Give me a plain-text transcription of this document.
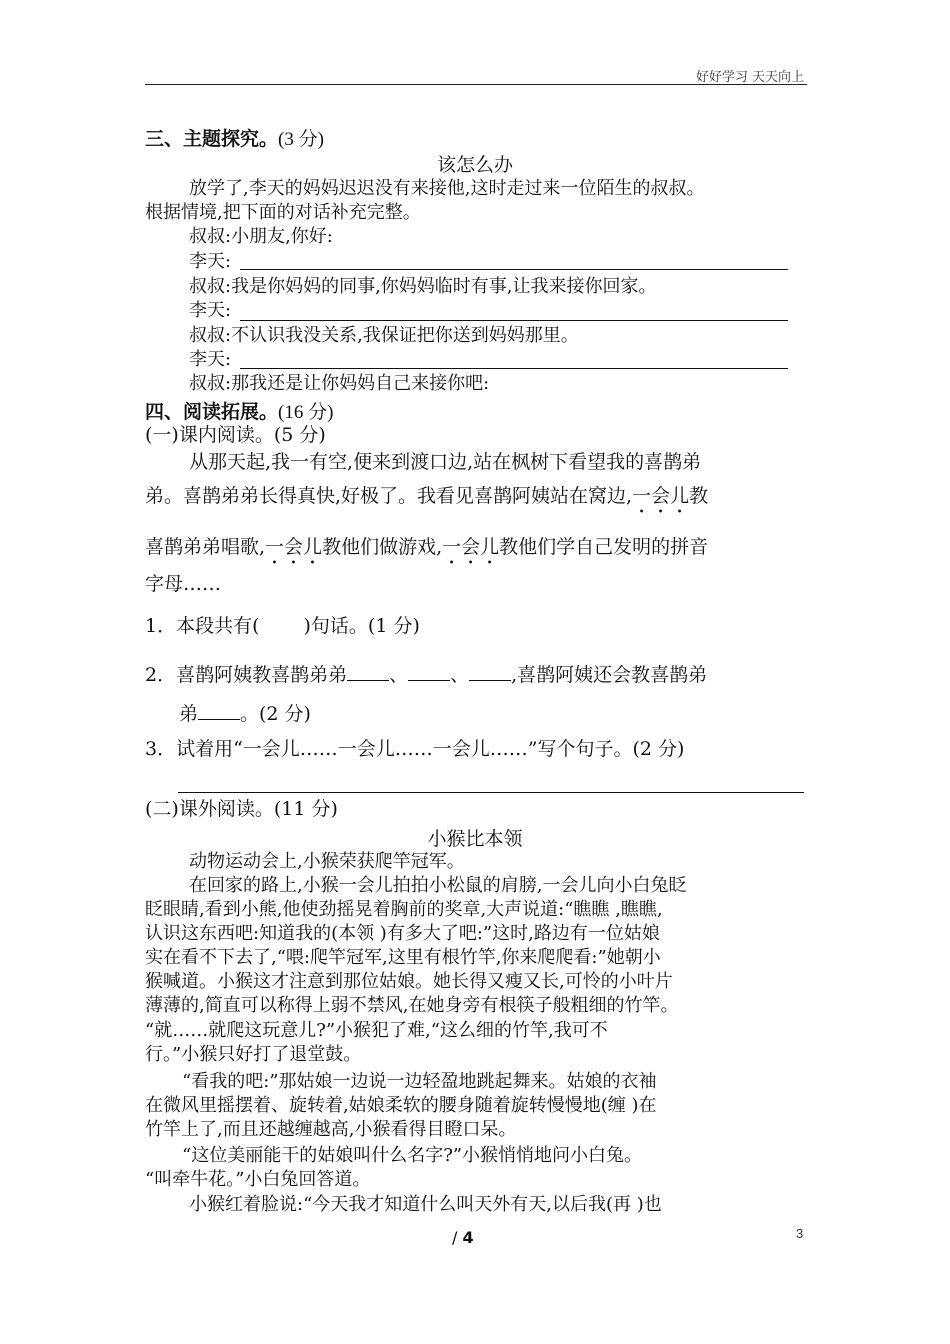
好好学习 天天向上
三、主题探究。(3 分)
该怎么办
放学了,李天的妈妈迟迟没有来接他,这时走过来一位陌生的叔叔。
根据情境,把下面的对话补充完整。
叔叔:小朋友,你好:
李天:
叔叔:我是你妈妈的同事,你妈妈临时有事,让我来接你回家。
李天:
叔叔:不认识我没关系,我保证把你送到妈妈那里。
李天:
叔叔:那我还是让你妈妈自己来接你吧:
四、阅读拓展。(16 分)
(一)课内阅读。(5 分)
从那天起,我一有空,便来到渡口边,站在枫树下看望我的喜鹊弟
弟。喜鹊弟弟长得真快,好极了。我看见喜鹊阿姨站在窝边,一会儿教
喜鹊弟弟唱歌,一会儿教他们做游戏,一会儿教他们学自己发明的拼音
字母……
1．本段共有( )句话。(1 分)
2．喜鹊阿姨教喜鹊弟弟 、 、 ,喜鹊阿姨还会教喜鹊弟
弟 。(2 分)
3．试着用“一会儿……一会儿……一会儿……”写个句子。(2 分)
(二)课外阅读。(11 分)
小猴比本领
动物运动会上,小猴荣获爬竿冠军。
在回家的路上,小猴一会儿拍拍小松鼠的肩膀,一会儿向小白兔眨
眨眼睛,看到小熊,他使劲摇晃着胸前的奖章,大声说道:“瞧瞧 ,瞧瞧,
认识这东西吧:知道我的(本领 )有多大了吧:”这时,路边有一位姑娘
实在看不下去了,“喂:爬竿冠军,这里有根竹竿,你来爬爬看:”她朝小
猴喊道。小猴这才注意到那位姑娘。她长得又瘦又长,可怜的小叶片
薄薄的,简直可以称得上弱不禁风,在她身旁有根筷子般粗细的竹竿。
“就……就爬这玩意儿?”小猴犯了难,“这么细的竹竿,我可不
行。”小猴只好打了退堂鼓。
“看我的吧:”那姑娘一边说一边轻盈地跳起舞来。姑娘的衣袖
在微风里摇摆着、旋转着,姑娘柔软的腰身随着旋转慢慢地(缠 )在
竹竿上了,而且还越缠越高,小猴看得目瞪口呆。
“这位美丽能干的姑娘叫什么名字?”小猴悄悄地问小白兔。
“叫牵牛花。”小白兔回答道。
小猴红着脸说:“今天我才知道什么叫天外有天,以后我(再 )也
/ 4	3
